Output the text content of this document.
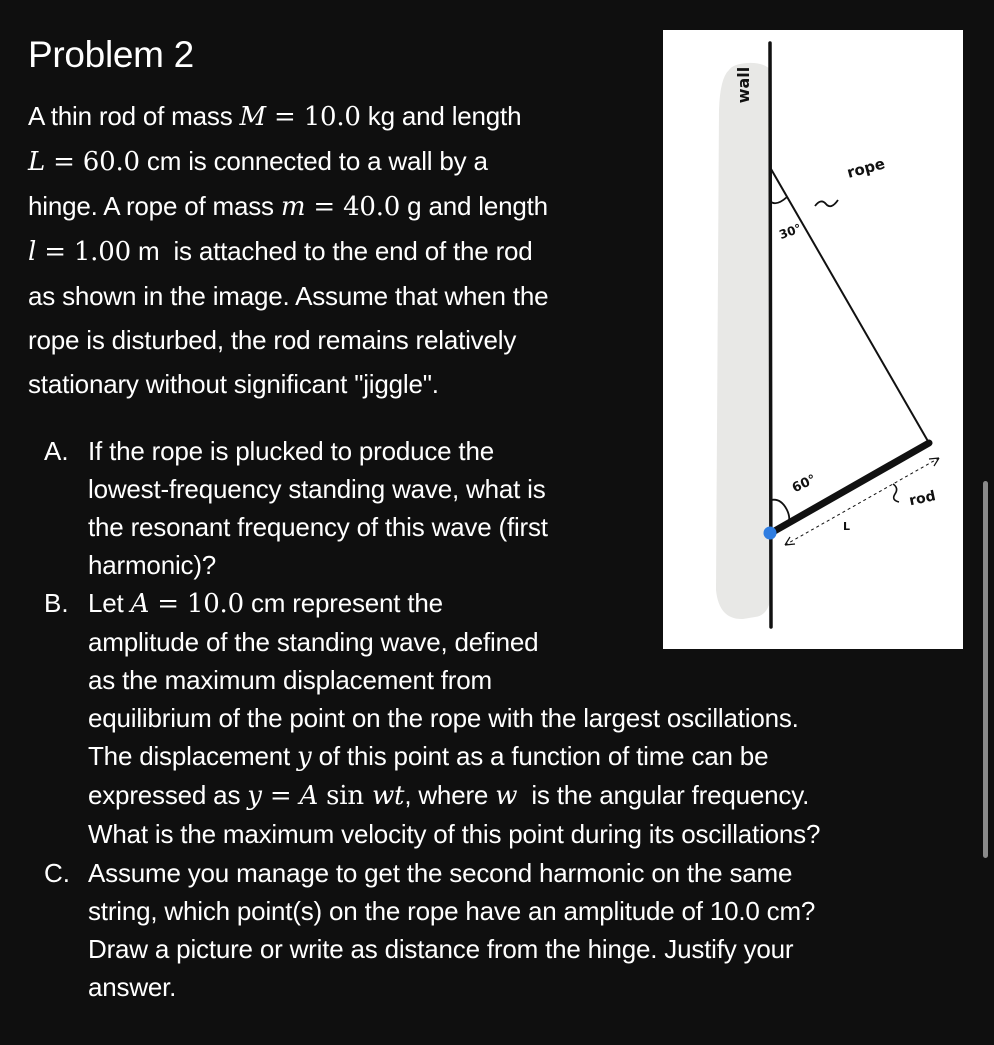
Problem 2
A thin rod of mass M = 10.0 kg and length
L = 60.0 cm is connected to a wall by a
hinge. A rope of mass m = 40.0 g and length
l = 1.00 m  is attached to the end of the rod
as shown in the image. Assume that when the
rope is disturbed, the rod remains relatively
stationary without significant "jiggle".
A. If the rope is plucked to produce the
lowest-frequency standing wave, what is
the resonant frequency of this wave (first
harmonic)?
B. Let A = 10.0 cm represent the
amplitude of the standing wave, defined
as the maximum displacement from
equilibrium of the point on the rope with the largest oscillations.
The displacement y of this point as a function of time can be
expressed as y = A sin wt, where w  is the angular frequency.
What is the maximum velocity of this point during its oscillations?
C. Assume you manage to get the second harmonic on the same
string, which point(s) on the rope have an amplitude of 10.0 cm?
Draw a picture or write as distance from the hinge. Justify your
answer.
wall
30°
60°
rope
L
rod
